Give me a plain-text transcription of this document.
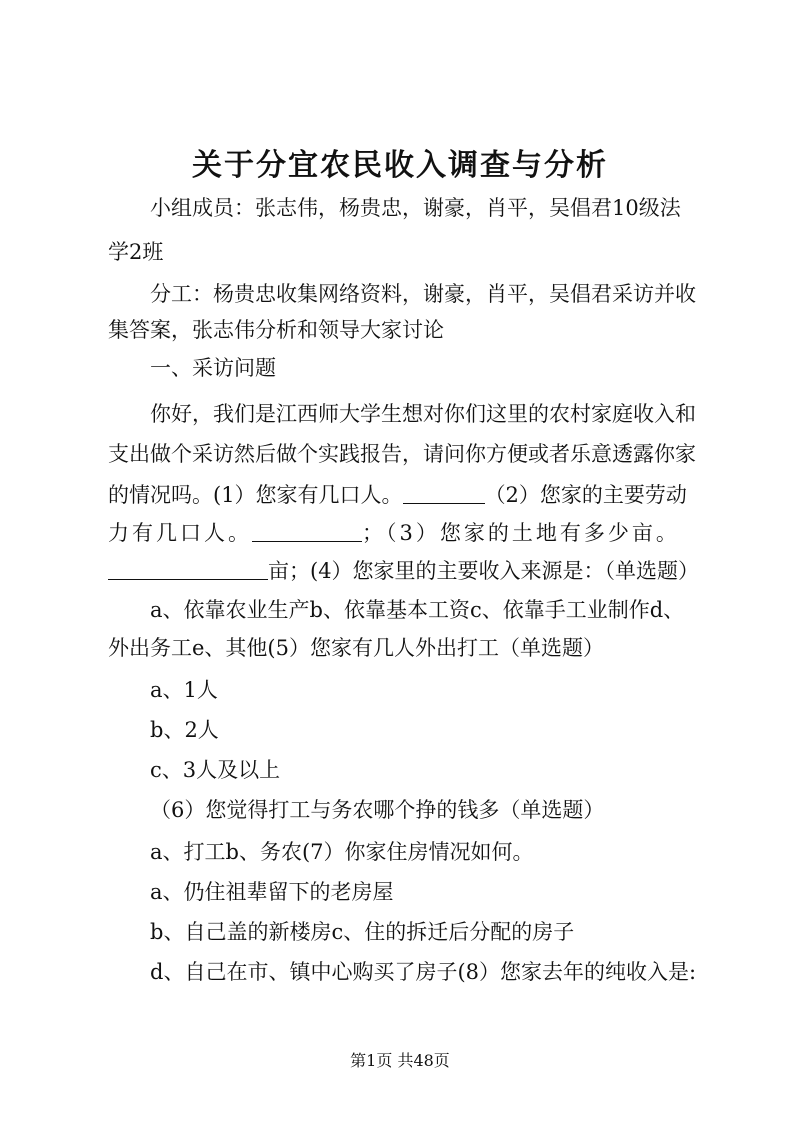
关于分宜农民收入调查与分析
小组成员：张志伟，杨贵忠，谢豪，肖平，吴倡君10级法
学2班
分工：杨贵忠收集网络资料，谢豪，肖平，吴倡君采访并收
集答案，张志伟分析和领导大家讨论
一、采访问题
你好，我们是江西师大学生想对你们这里的农村家庭收入和
支出做个采访然后做个实践报告，请问你方便或者乐意透露你家
的情况吗。(1）您家有几口人。	（2）您家的主要劳动
力有几口人。	；（3）您家的土地有多少亩。
亩；(4）您家里的主要收入来源是：（单选题）
a、依靠农业生产b、依靠基本工资c、依靠手工业制作d、
外出务工e、其他(5）您家有几人外出打工（单选题）
a、1人
b、2人
c、3人及以上
（6）您觉得打工与务农哪个挣的钱多（单选题）
a、打工b、务农(7）你家住房情况如何。
a、仍住祖辈留下的老房屋
b、自己盖的新楼房c、住的拆迁后分配的房子
d、自己在市、镇中心购买了房子(8）您家去年的纯收入是:
第1页 共48页
